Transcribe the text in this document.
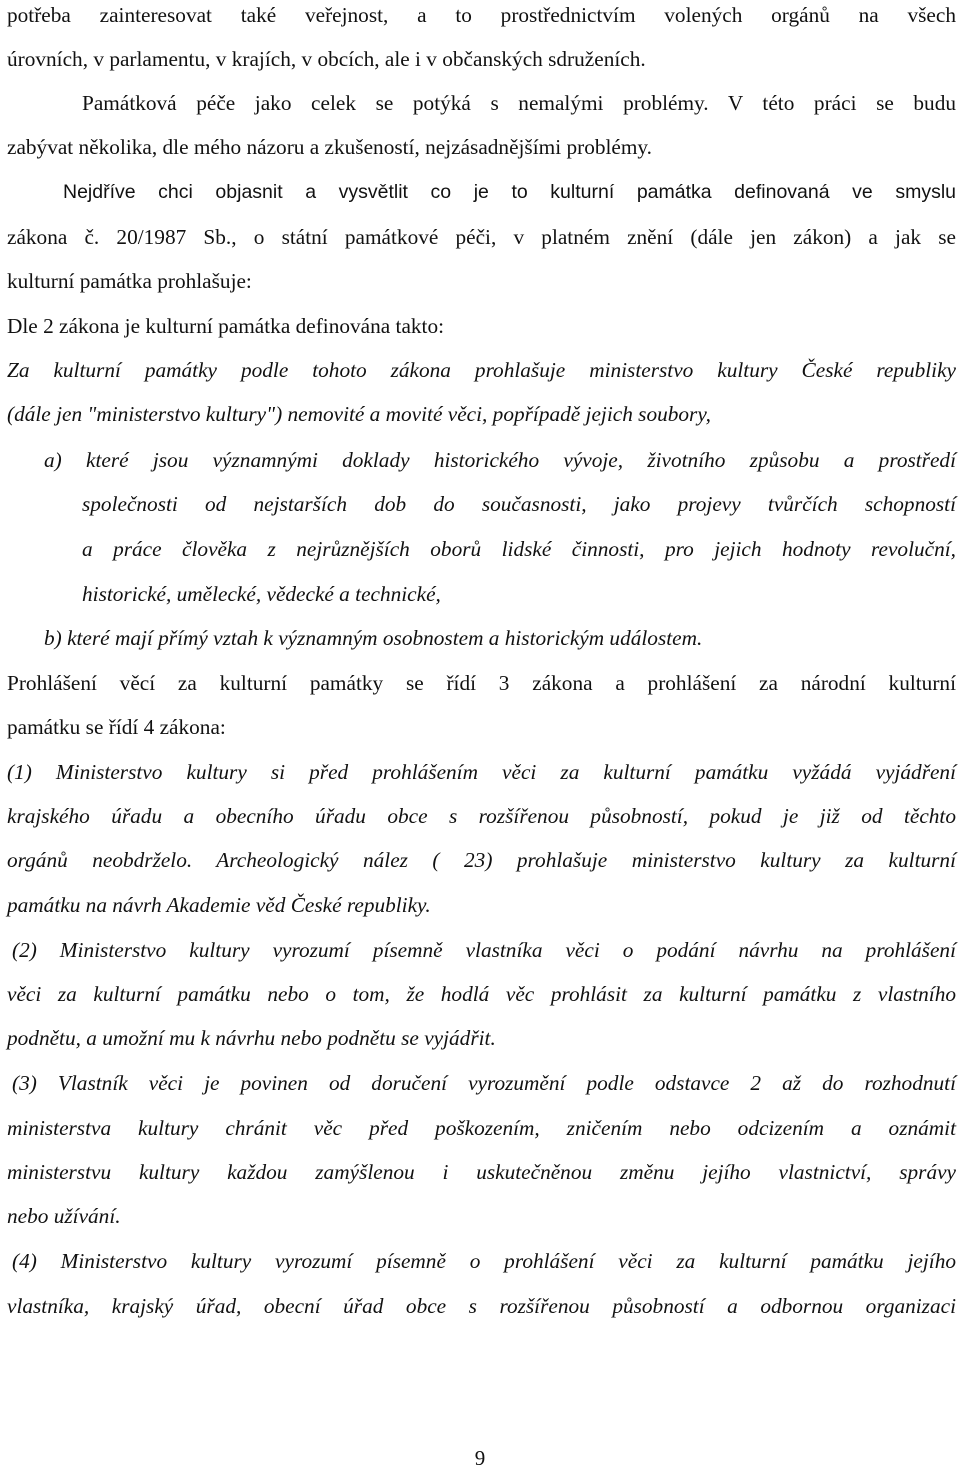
potřeba zainteresovat také veřejnost, a to prostřednictvím volených orgánů na všech
úrovních, v parlamentu, v krajích, v obcích, ale i v občanských sdruženích.
Památková péče jako celek se potýká s nemalými problémy. V této práci se budu
zabývat několika, dle mého názoru a zkušeností, nejzásadnějšími problémy.
Nejdříve chci objasnit a vysvětlit co je to kulturní památka definovaná ve smyslu
zákona č. 20/1987 Sb., o státní památkové péči, v platném znění (dále jen zákon) a jak se
kulturní památka prohlašuje:
Dle 2 zákona je kulturní památka definována takto:
Za kulturní památky podle tohoto zákona prohlašuje ministerstvo kultury České republiky
(dále jen "ministerstvo kultury") nemovité a movité věci, popřípadě jejich soubory,
a) které jsou významnými doklady historického vývoje, životního způsobu a prostředí
společnosti od nejstarších dob do současnosti, jako projevy tvůrčích schopností
a práce člověka z nejrůznějších oborů lidské činnosti, pro jejich hodnoty revoluční,
historické, umělecké, vědecké a technické,
b) které mají přímý vztah k významným osobnostem a historickým událostem.
Prohlášení věcí za kulturní památky se řídí 3 zákona a prohlášení za národní kulturní
památku se řídí 4 zákona:
(1) Ministerstvo kultury si před prohlášením věci za kulturní památku vyžádá vyjádření
krajského úřadu a obecního úřadu obce s rozšířenou působností, pokud je již od těchto
orgánů neobdrželo. Archeologický nález ( 23) prohlašuje ministerstvo kultury za kulturní
památku na návrh Akademie věd České republiky.
(2) Ministerstvo kultury vyrozumí písemně vlastníka věci o podání návrhu na prohlášení
věci za kulturní památku nebo o tom, že hodlá věc prohlásit za kulturní památku z vlastního
podnětu, a umožní mu k návrhu nebo podnětu se vyjádřit.
(3) Vlastník věci je povinen od doručení vyrozumění podle odstavce 2 až do rozhodnutí
ministerstva kultury chránit věc před poškozením, zničením nebo odcizením a oznámit
ministerstvu kultury každou zamýšlenou i uskutečněnou změnu jejího vlastnictví, správy
nebo užívání.
(4) Ministerstvo kultury vyrozumí písemně o prohlášení věci za kulturní památku jejího
vlastníka, krajský úřad, obecní úřad obce s rozšířenou působností a odbornou organizaci
9
